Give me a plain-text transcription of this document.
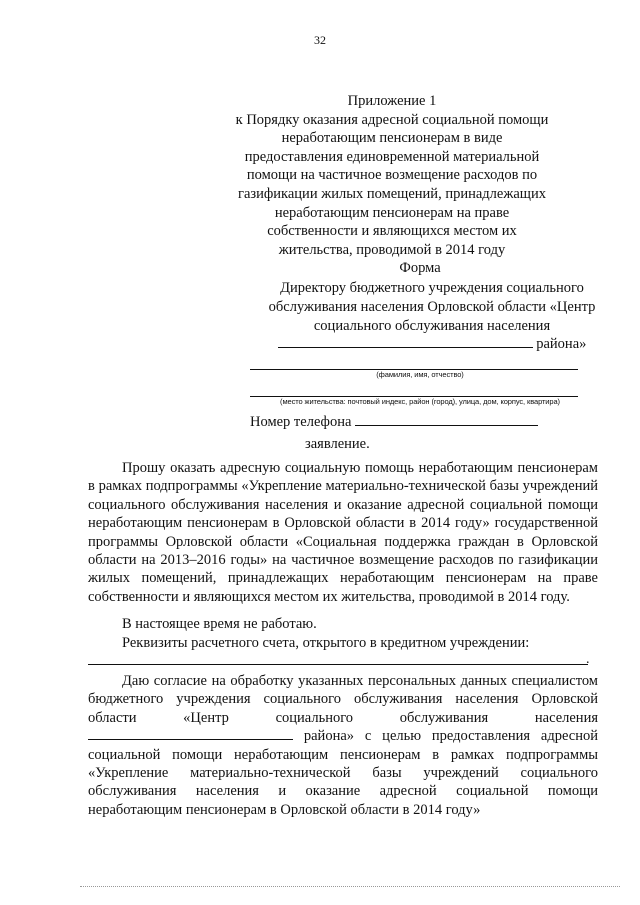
32
Приложение 1
к Порядку оказания адресной социальной помощи неработающим пенсионерам в виде предоставления единовременной материальной помощи на частичное возмещение расходов по газификации жилых помещений, принадлежащих неработающим пенсионерам на праве собственности и являющихся местом их жительства, проводимой в 2014 году
Форма
Директору бюджетного учреждения социального обслуживания населения Орловской области «Центр социального обслуживания населения
района»
(фамилия, имя, отчество)
(место жительства: почтовый индекс, район (город), улица, дом, корпус, квартира)
Номер телефона
заявление.
Прошу оказать адресную социальную помощь неработающим пенсионерам в рамках подпрограммы «Укрепление материально-технической базы учреждений социального обслуживания населения и оказание адресной социальной помощи неработающим пенсионерам в Орловской области в 2014 году» государственной программы Орловской области «Социальная поддержка граждан в Орловской области на 2013–2016 годы» на частичное возмещение расходов по газификации жилых помещений, принадлежащих неработающим пенсионерам на праве собственности и являющихся местом их жительства, проводимой в 2014 году.
В настоящее время не работаю.
Реквизиты расчетного счета, открытого в кредитном учреждении:
.
Даю согласие на обработку указанных персональных данных специалистом бюджетного учреждения социального обслуживания населения Орловской области «Центр социального обслуживания населения  района» с целью предоставления адресной социальной помощи неработающим пенсионерам в рамках подпрограммы «Укрепление материально-технической базы учреждений социального обслуживания населения и оказание адресной социальной помощи неработающим пенсионерам в Орловской области в 2014 году»
